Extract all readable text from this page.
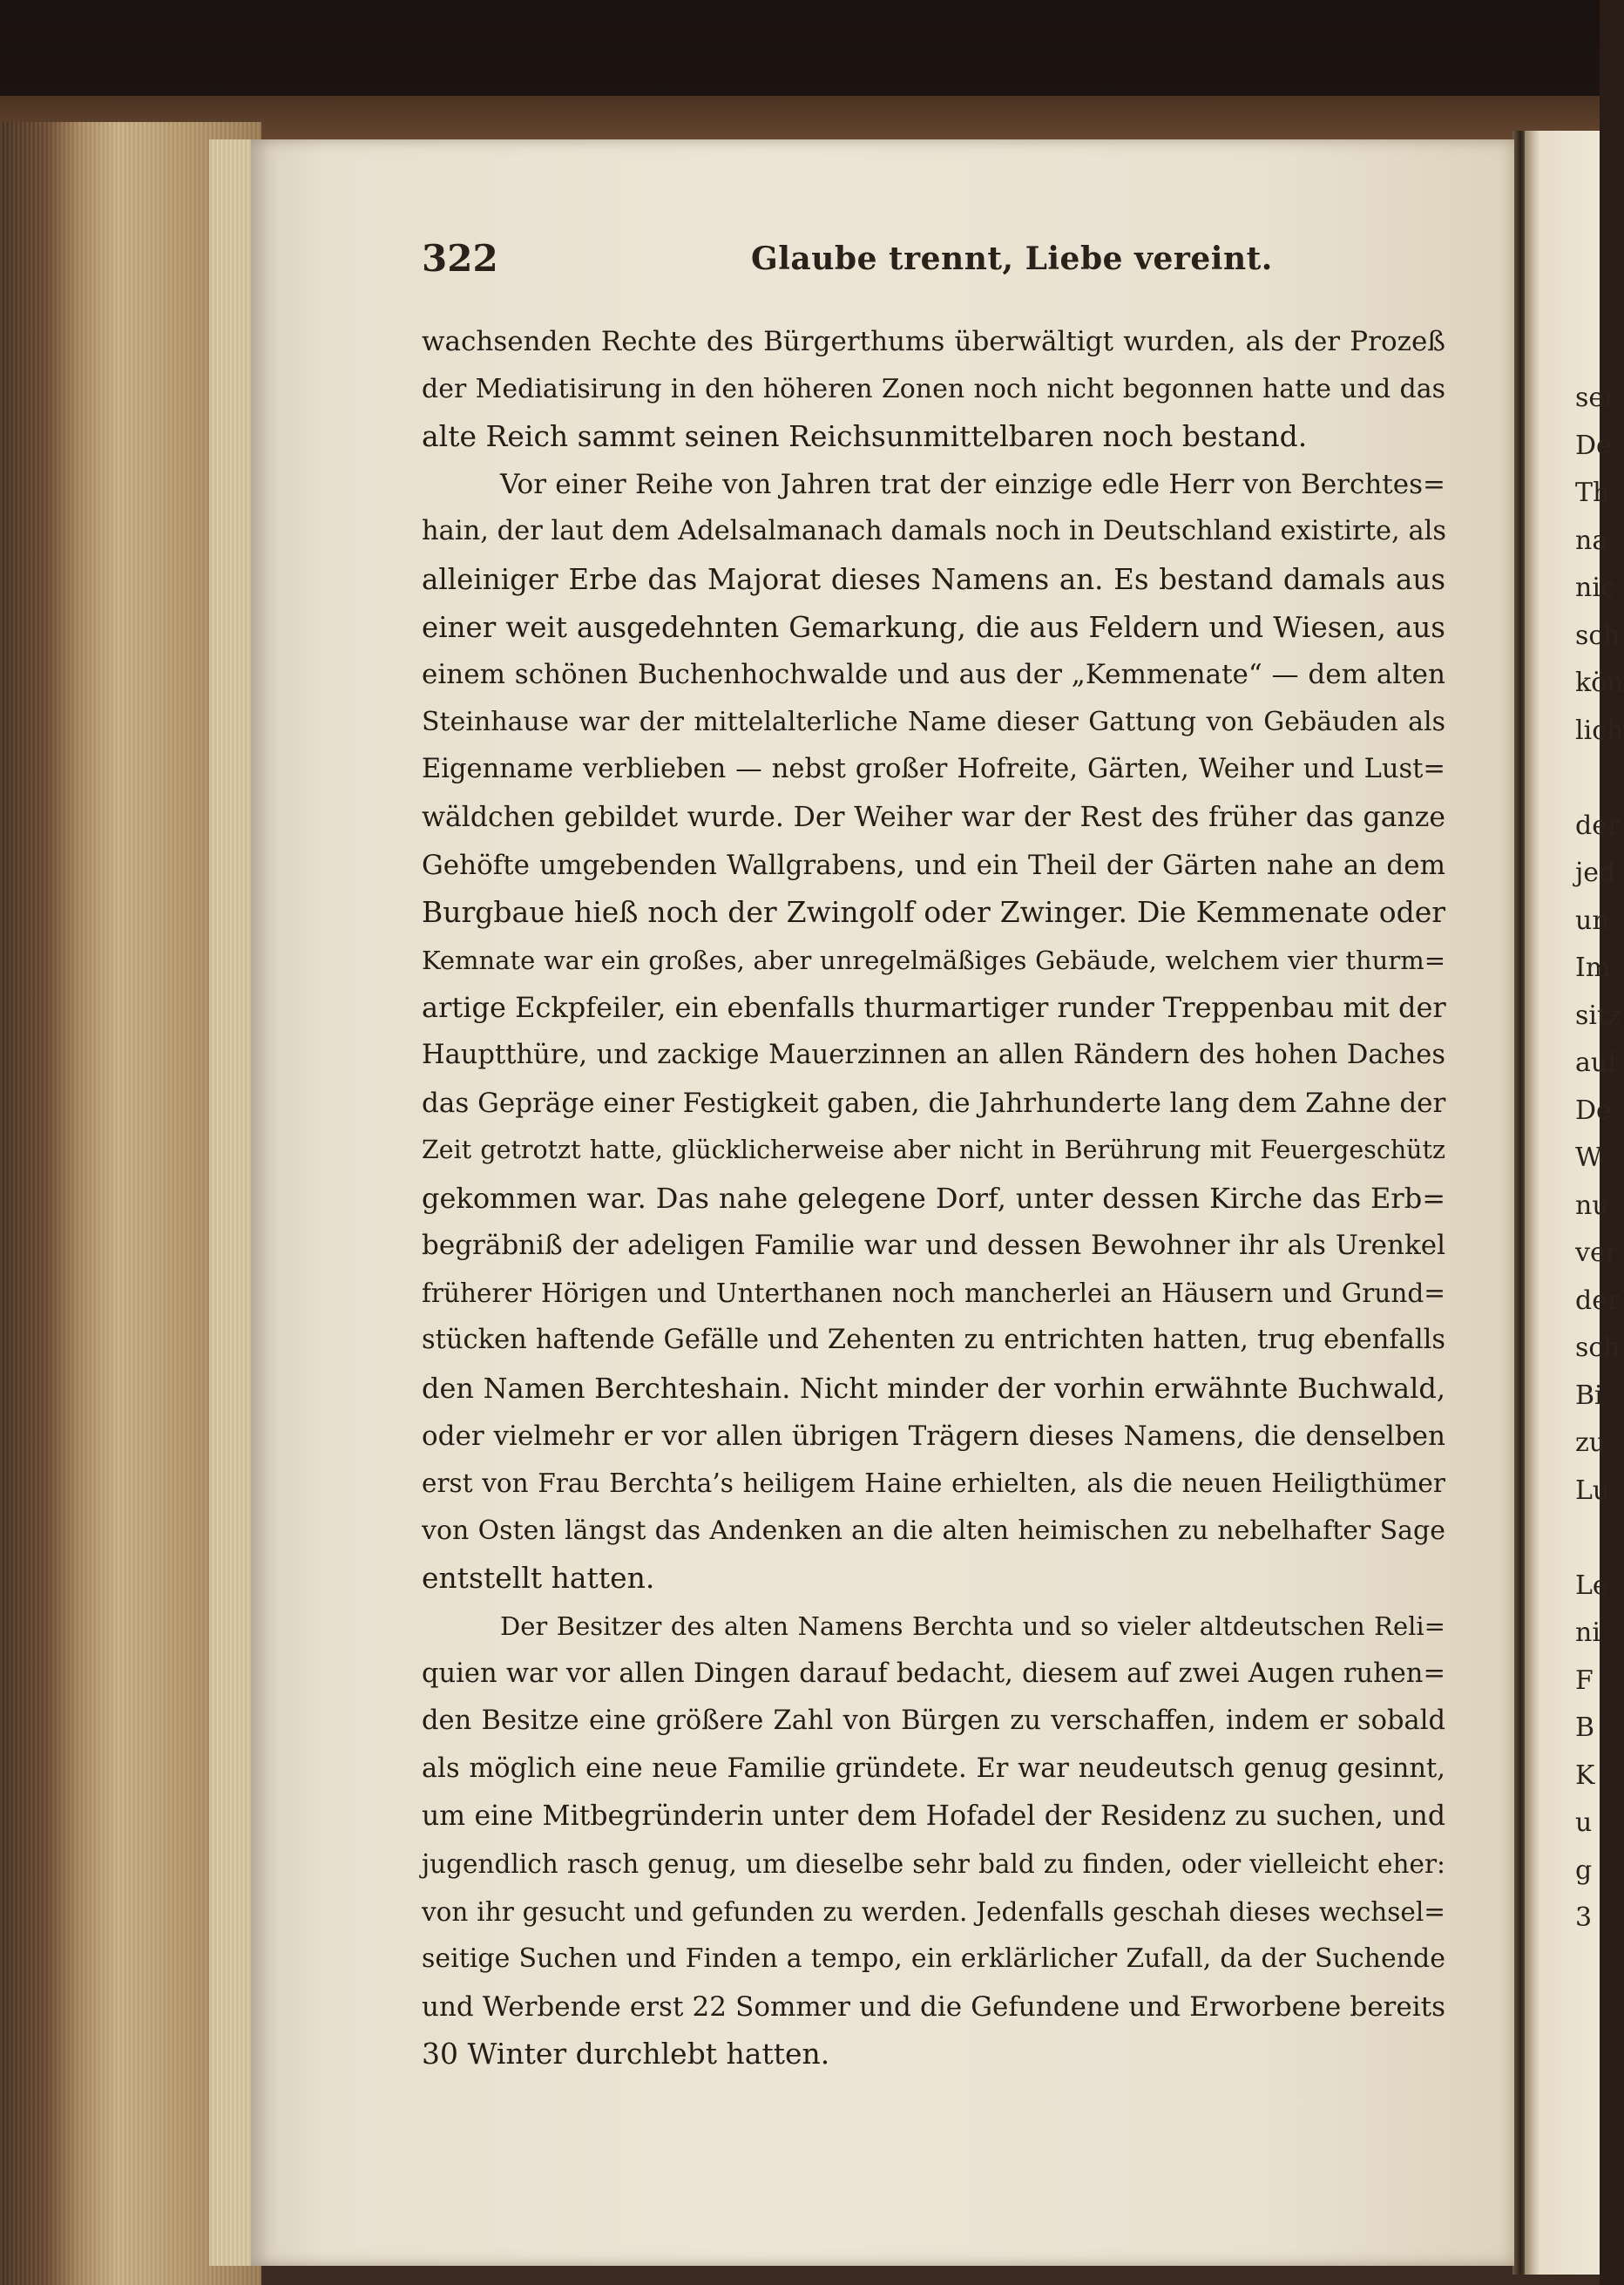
sei
De
Th
na
nic
sch
kön
lich
der
jed
un
Im
sitz
auf
De
W
nu
ver
der
sch
Bi
zu
Lu
Le
ni
F
B
K
u
g
3
322	Glaube trennt, Liebe vereint.
wachsenden Rechte des Bürgerthums überwältigt wurden, als der Prozeß
der Mediatisirung in den höheren Zonen noch nicht begonnen hatte und das
alte Reich sammt seinen Reichsunmittelbaren noch bestand.
Vor einer Reihe von Jahren trat der einzige edle Herr von Berchtes=
hain, der laut dem Adelsalmanach damals noch in Deutschland existirte, als
alleiniger Erbe das Majorat dieses Namens an. Es bestand damals aus
einer weit ausgedehnten Gemarkung, die aus Feldern und Wiesen, aus
einem schönen Buchenhochwalde und aus der „Kemmenate“ — dem alten
Steinhause war der mittelalterliche Name dieser Gattung von Gebäuden als
Eigenname verblieben — nebst großer Hofreite, Gärten, Weiher und Lust=
wäldchen gebildet wurde. Der Weiher war der Rest des früher das ganze
Gehöfte umgebenden Wallgrabens, und ein Theil der Gärten nahe an dem
Burgbaue hieß noch der Zwingolf oder Zwinger. Die Kemmenate oder
Kemnate war ein großes, aber unregelmäßiges Gebäude, welchem vier thurm=
artige Eckpfeiler, ein ebenfalls thurmartiger runder Treppenbau mit der
Hauptthüre, und zackige Mauerzinnen an allen Rändern des hohen Daches
das Gepräge einer Festigkeit gaben, die Jahrhunderte lang dem Zahne der
Zeit getrotzt hatte, glücklicherweise aber nicht in Berührung mit Feuergeschütz
gekommen war. Das nahe gelegene Dorf, unter dessen Kirche das Erb=
begräbniß der adeligen Familie war und dessen Bewohner ihr als Urenkel
früherer Hörigen und Unterthanen noch mancherlei an Häusern und Grund=
stücken haftende Gefälle und Zehenten zu entrichten hatten, trug ebenfalls
den Namen Berchteshain. Nicht minder der vorhin erwähnte Buchwald,
oder vielmehr er vor allen übrigen Trägern dieses Namens, die denselben
erst von Frau Berchta’s heiligem Haine erhielten, als die neuen Heiligthümer
von Osten längst das Andenken an die alten heimischen zu nebelhafter Sage
entstellt hatten.
Der Besitzer des alten Namens Berchta und so vieler altdeutschen Reli=
quien war vor allen Dingen darauf bedacht, diesem auf zwei Augen ruhen=
den Besitze eine größere Zahl von Bürgen zu verschaffen, indem er sobald
als möglich eine neue Familie gründete. Er war neudeutsch genug gesinnt,
um eine Mitbegründerin unter dem Hofadel der Residenz zu suchen, und
jugendlich rasch genug, um dieselbe sehr bald zu finden, oder vielleicht eher:
von ihr gesucht und gefunden zu werden. Jedenfalls geschah dieses wechsel=
seitige Suchen und Finden a tempo, ein erklärlicher Zufall, da der Suchende
und Werbende erst 22 Sommer und die Gefundene und Erworbene bereits
30 Winter durchlebt hatten.
